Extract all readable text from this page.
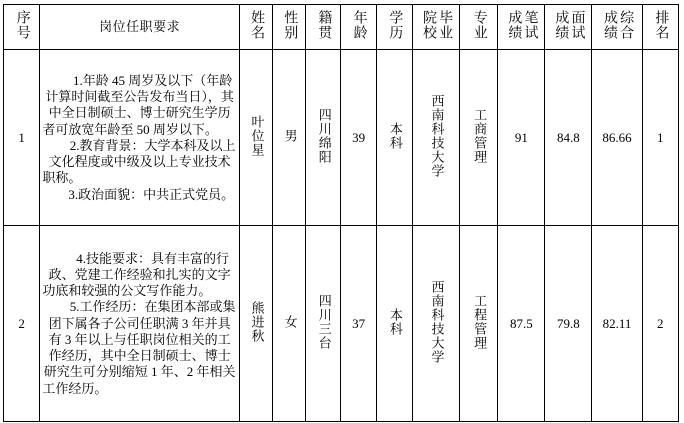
序号	岗位任职要求	姓名	性别	籍贯	年龄	学历	毕业院校	专业	笔试成绩	面试成绩	综合成绩	排名
1	1.年龄 45 周岁及以下（年龄计算时间截至公告发布当日），其中全日制硕士、博士研究生学历者可放宽年龄至 50 周岁以下。

2.教育背景：大学本科及以上文化程度或中级及以上专业技术职称。

3.政治面貌：中共正式党员。	叶位星	男	四川绵阳	39	本科	西南科技大学	工商管理	91	84.8	86.66	1
2	4.技能要求：具有丰富的行政、党建工作经验和扎实的文字功底和较强的公文写作能力。

5.工作经历：在集团本部或集团下属各子公司任职满 3 年并具有 3 年以上与任职岗位相关的工作经历，其中全日制硕士、博士研究生可分别缩短 1 年、2 年相关工作经历。	熊进秋	女	四川三台	37	本科	西南科技大学	工程管理	87.5	79.8	82.11	2
